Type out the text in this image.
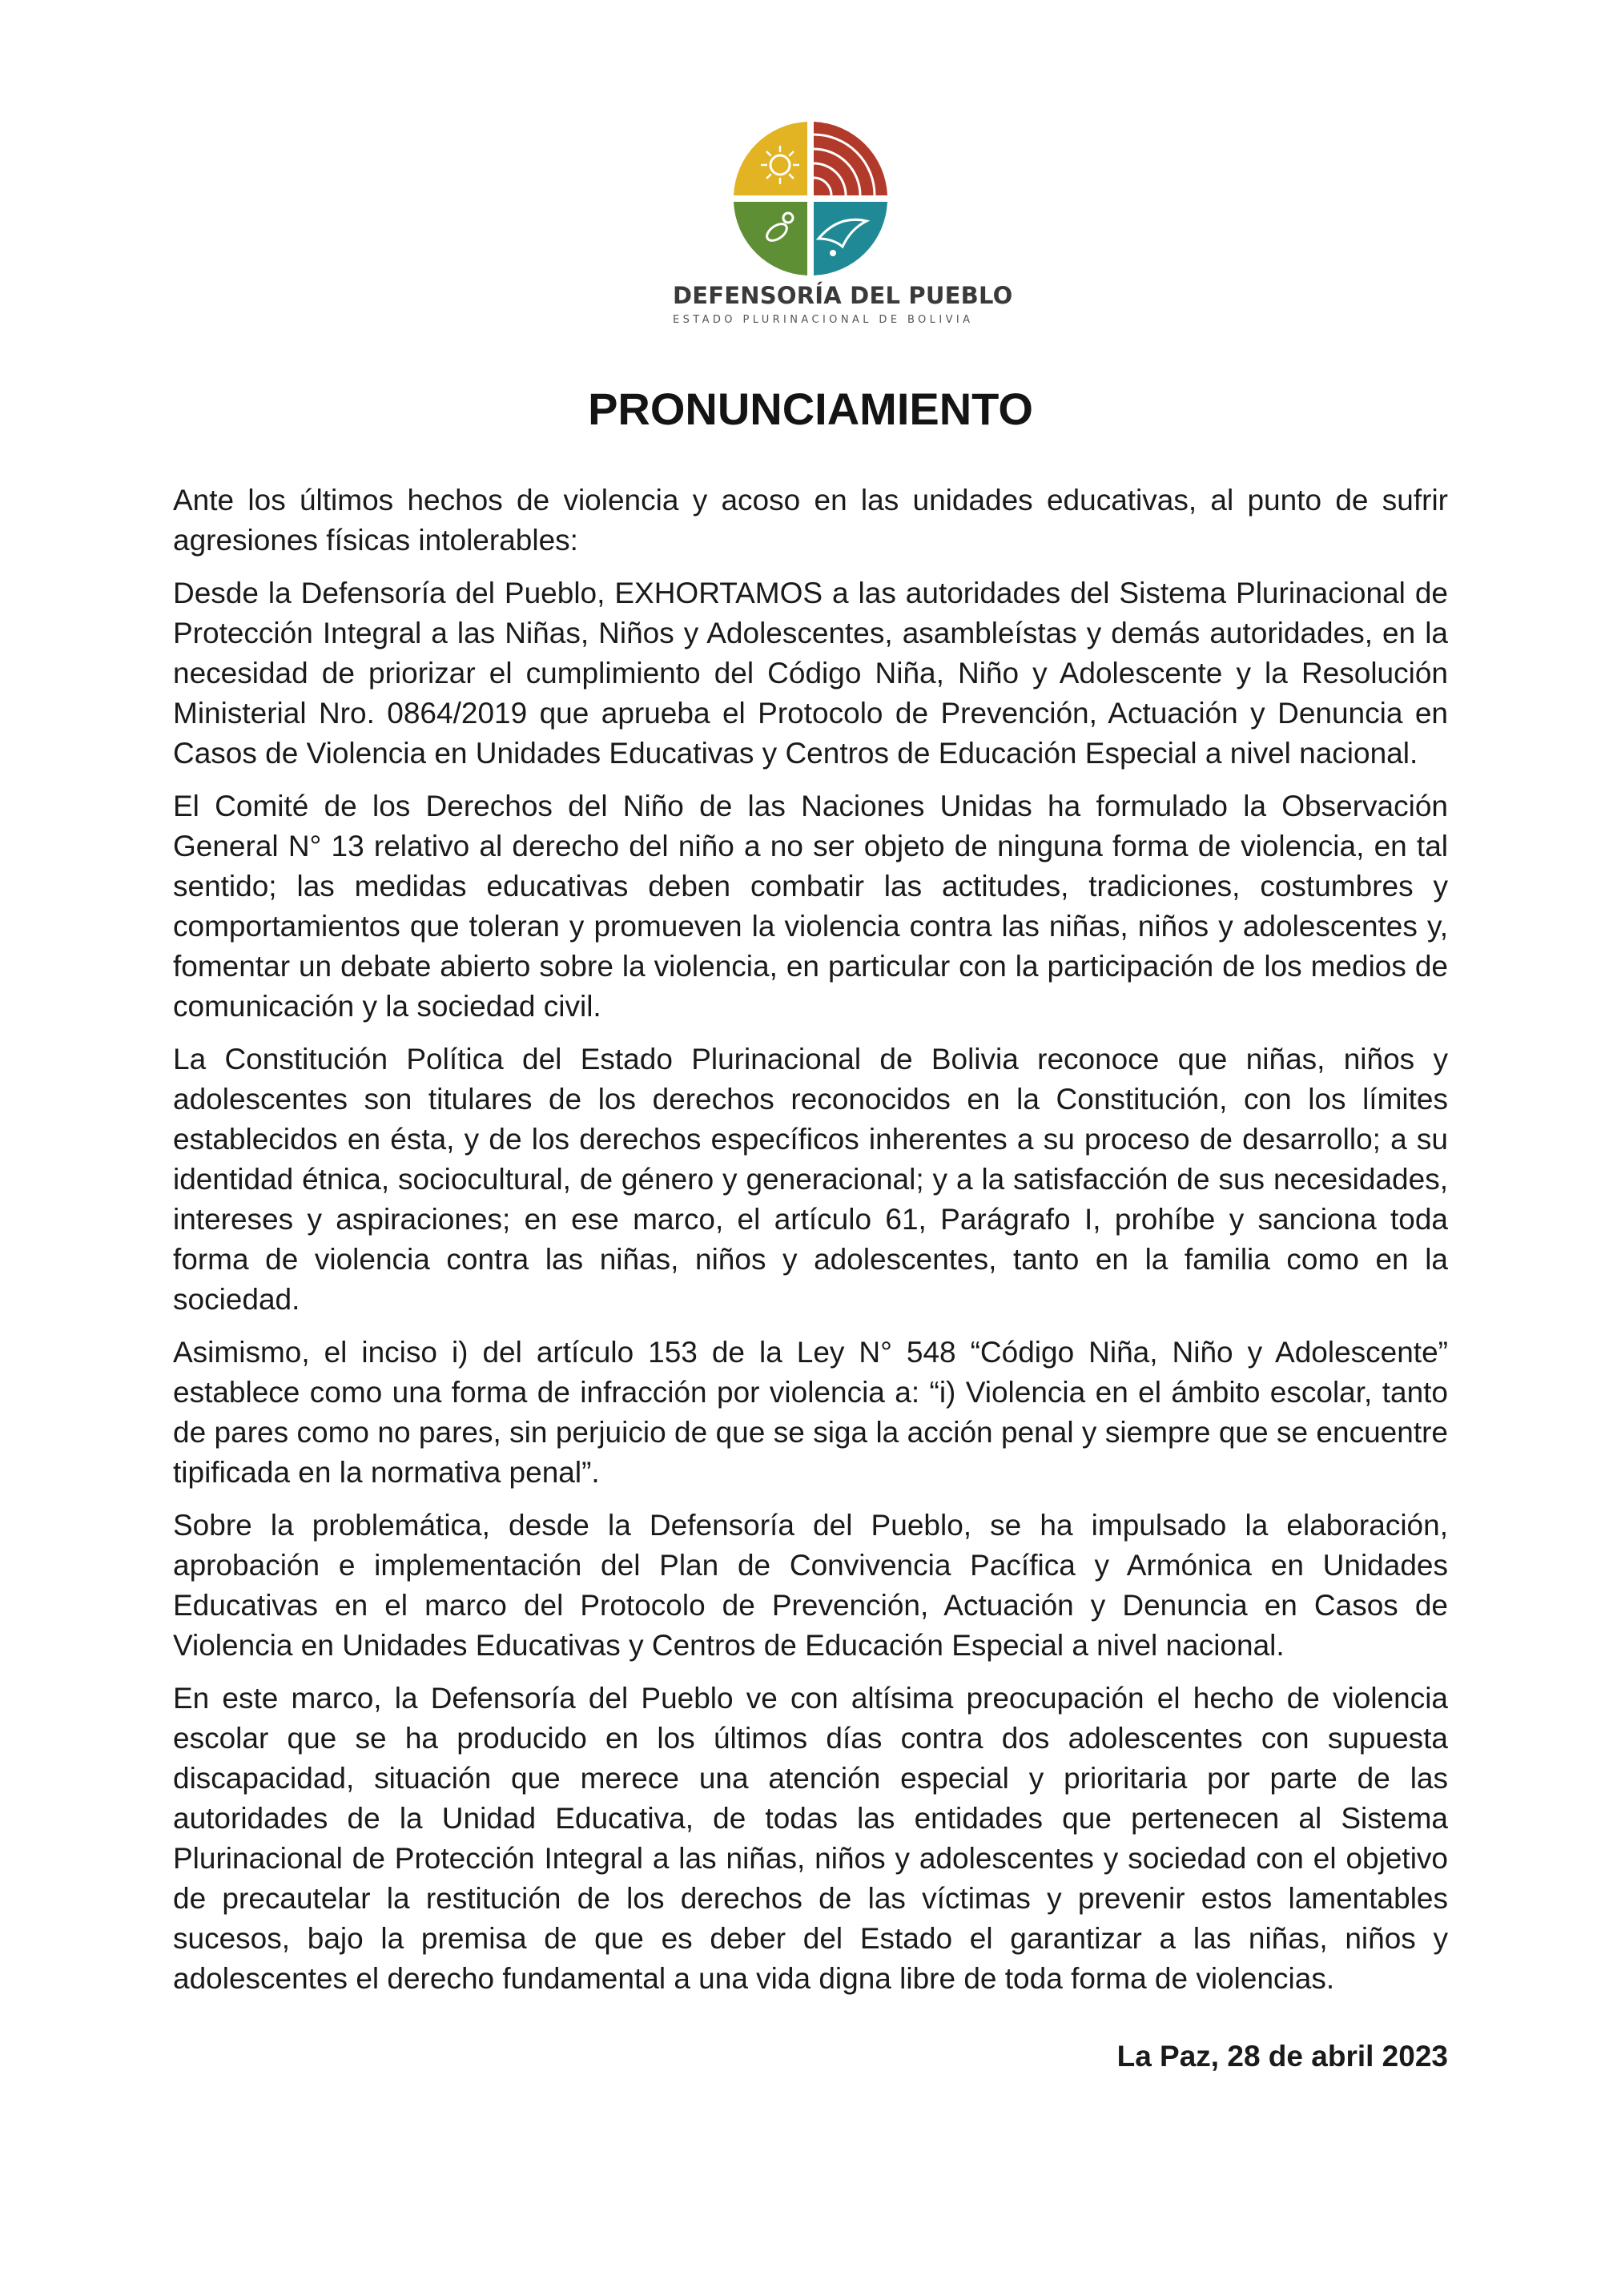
DEFENSORÍA DEL PUEBLO
ESTADO PLURINACIONAL DE BOLIVIA
PRONUNCIAMIENTO

Ante los últimos hechos de violencia y acoso en las unidades educativas, al punto de sufrir agresiones físicas intolerables:

Desde la Defensoría del Pueblo, EXHORTAMOS a las autoridades del Sistema Plurinacional de Protección Integral a las Niñas, Niños y Adolescentes, asambleístas y demás autoridades, en la necesidad de priorizar el cumplimiento del Código Niña, Niño y Adolescente y la Resolución Ministerial Nro. 0864/2019 que aprueba el Protocolo de Prevención, Actuación y Denuncia en Casos de Violencia en Unidades Educativas y Centros de Educación Especial a nivel nacional.

El Comité de los Derechos del Niño de las Naciones Unidas ha formulado la Observación General N° 13 relativo al derecho del niño a no ser objeto de ninguna forma de violencia, en tal sentido; las medidas educativas deben combatir las actitudes, tradiciones, costumbres y comportamientos que toleran y promueven la violencia contra las niñas, niños y adolescentes y, fomentar un debate abierto sobre la violencia, en particular con la participación de los medios de comunicación y la sociedad civil.

La Constitución Política del Estado Plurinacional de Bolivia reconoce que niñas, niños y adolescentes son titulares de los derechos reconocidos en la Constitución, con los límites establecidos en ésta, y de los derechos específicos inherentes a su proceso de desarrollo; a su identidad étnica, sociocultural, de género y generacional; y a la satisfacción de sus necesidades, intereses y aspiraciones; en ese marco, el artículo 61, Parágrafo I, prohíbe y sanciona toda forma de violencia contra las niñas, niños y adolescentes, tanto en la familia como en la sociedad.

Asimismo, el inciso i) del artículo 153 de la Ley N° 548 “Código Niña, Niño y Adolescente” establece como una forma de infracción por violencia a: “i) Violencia en el ámbito escolar, tanto de pares como no pares, sin perjuicio de que se siga la acción penal y siempre que se encuentre tipificada en la normativa penal”.

Sobre la problemática, desde la Defensoría del Pueblo, se ha impulsado la elaboración, aprobación e implementación del Plan de Convivencia Pacífica y Armónica en Unidades Educativas en el marco del Protocolo de Prevención, Actuación y Denuncia en Casos de Violencia en Unidades Educativas y Centros de Educación Especial a nivel nacional.

En este marco, la Defensoría del Pueblo ve con altísima preocupación el hecho de violencia escolar que se ha producido en los últimos días contra dos adolescentes con supuesta discapacidad, situación que merece una atención especial y prioritaria por parte de las autoridades de la Unidad Educativa, de todas las entidades que pertenecen al Sistema Plurinacional de Protección Integral a las niñas, niños y adolescentes y sociedad con el objetivo de precautelar la restitución de los derechos de las víctimas y prevenir estos lamentables sucesos, bajo la premisa de que es deber del Estado el garantizar a las niñas, niños y adolescentes el derecho fundamental a una vida digna libre de toda forma de violencias.

La Paz, 28 de abril 2023
